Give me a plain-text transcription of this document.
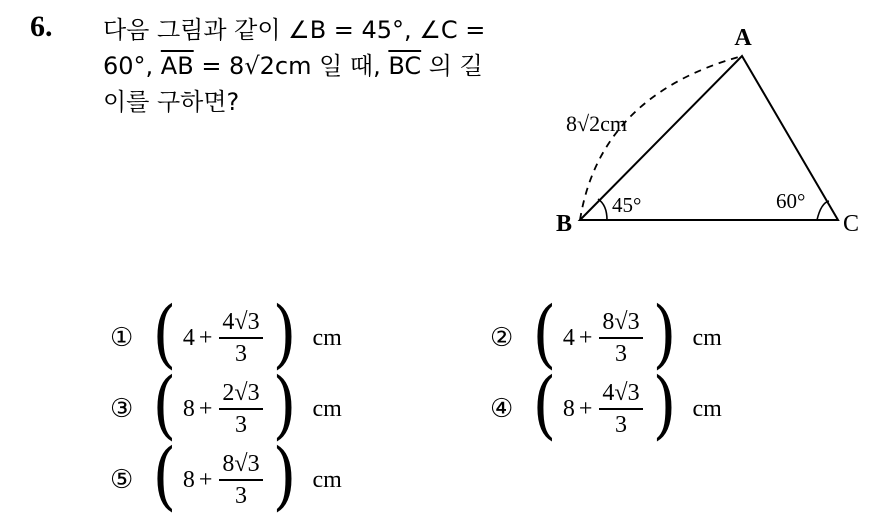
6. 다음 그림과 같이 ∠B = 45°, ∠C =
60°, $\overline{AB} = 8√2cm$ 일 때, $\overline{BC}$ 의 길
이를 구하면?
A
B	C
8√2cm
45°	60°
① ( $4 + \frac{4√3}{3}$ ) cm	② ( $4 + \frac{8√3}{3}$ ) cm
③ ( $8 + \frac{2√3}{3}$ ) cm	④ ( $8 + \frac{4√3}{3}$ ) cm
⑤ ( $8 + \frac{8√3}{3}$ ) cm
